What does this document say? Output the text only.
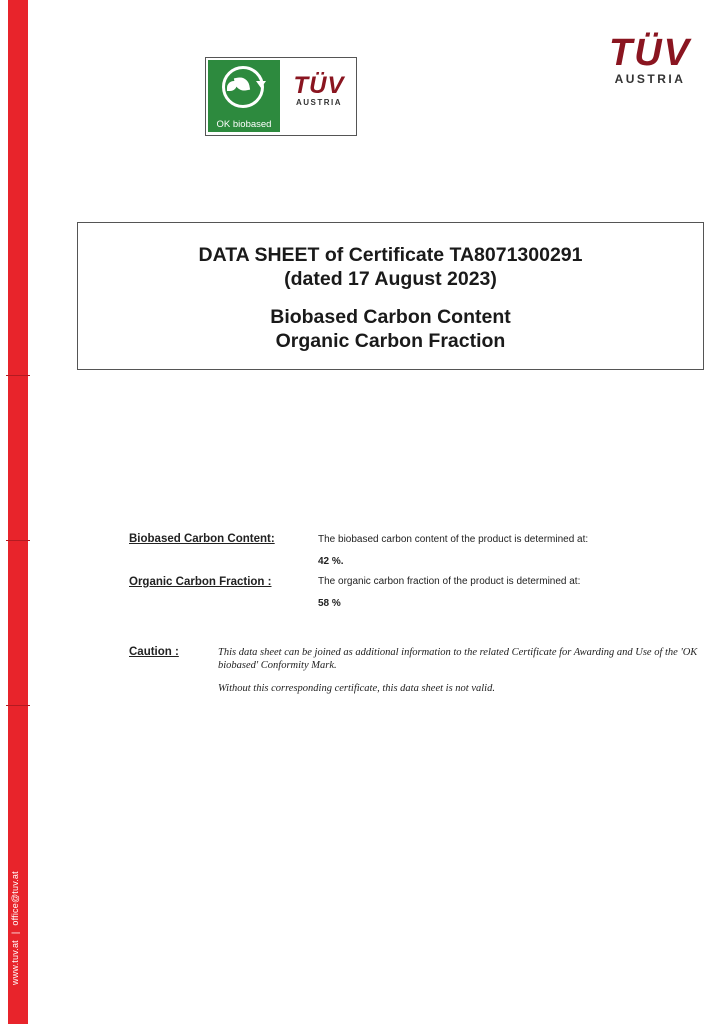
www.tuv.at|office@tuv.at
OK biobased
TÜV
AUSTRIA
TÜV
AUSTRIA
DATA SHEET of Certificate TA8071300291
(dated 17 August 2023)
Biobased Carbon Content
Organic Carbon Fraction
Biobased Carbon Content:	The biobased carbon content of the product is determined at:
42 %.
Organic Carbon Fraction :	The organic carbon fraction of the product is determined at:
58 %
Caution :	This data sheet can be joined as additional information to the related Certificate for Awarding and Use of the 'OK biobased' Conformity Mark.
Without this corresponding certificate, this data sheet is not valid.
